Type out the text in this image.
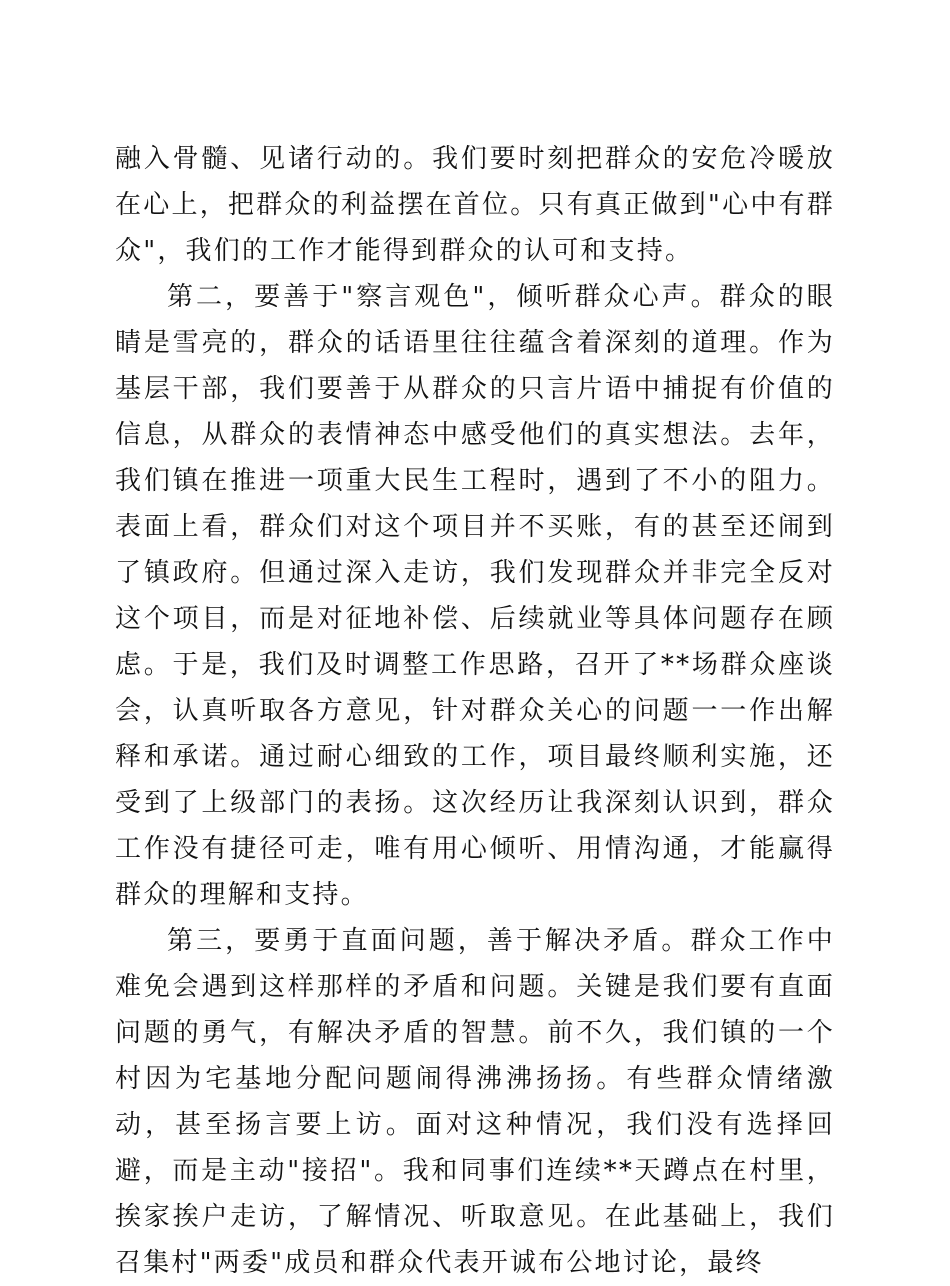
融入骨髓、见诸行动的。我们要时刻把群众的安危冷暖放在心上，把群众的利益摆在首位。只有真正做到"心中有群众"，我们的工作才能得到群众的认可和支持。

第二，要善于"察言观色"，倾听群众心声。群众的眼睛是雪亮的，群众的话语里往往蕴含着深刻的道理。作为基层干部，我们要善于从群众的只言片语中捕捉有价值的信息，从群众的表情神态中感受他们的真实想法。去年，我们镇在推进一项重大民生工程时，遇到了不小的阻力。表面上看，群众们对这个项目并不买账，有的甚至还闹到了镇政府。但通过深入走访，我们发现群众并非完全反对这个项目，而是对征地补偿、后续就业等具体问题存在顾虑。于是，我们及时调整工作思路，召开了**场群众座谈会，认真听取各方意见，针对群众关心的问题一一作出解释和承诺。通过耐心细致的工作，项目最终顺利实施，还受到了上级部门的表扬。这次经历让我深刻认识到，群众工作没有捷径可走，唯有用心倾听、用情沟通，才能赢得群众的理解和支持。

第三，要勇于直面问题，善于解决矛盾。群众工作中难免会遇到这样那样的矛盾和问题。关键是我们要有直面问题的勇气，有解决矛盾的智慧。前不久，我们镇的一个村因为宅基地分配问题闹得沸沸扬扬。有些群众情绪激动，甚至扬言要上访。面对这种情况，我们没有选择回避，而是主动"接招"。我和同事们连续**天蹲点在村里，挨家挨户走访，了解情况、听取意见。在此基础上，我们召集村"两委"成员和群众代表开诚布公地讨论，最终
